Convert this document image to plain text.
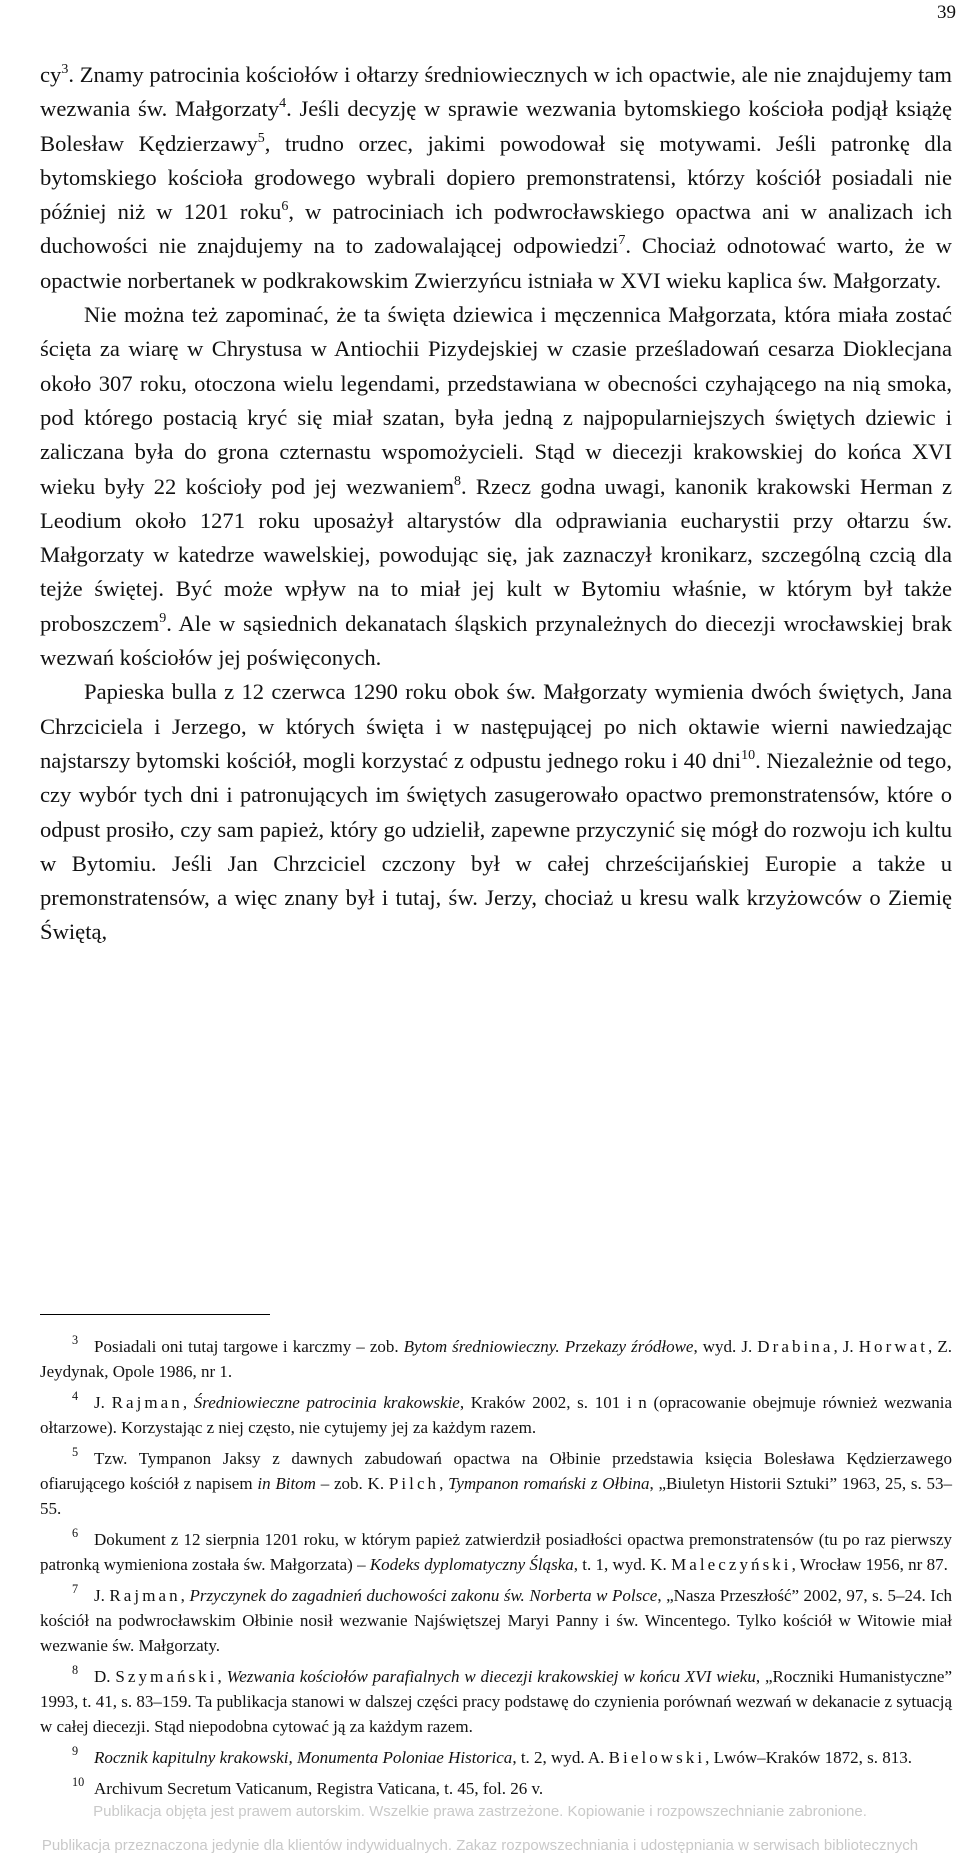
39

$cy^3$. Znamy patrocinia kościołów i ołtarzy średniowiecznych w ich opactwie, ale nie znajdujemy tam wezwania św. Małgorzaty$^4$. Jeśli decyzję w sprawie wezwania bytomskiego kościoła podjął książę Bolesław Kędzierzawy$^5$, trudno orzec, jakimi powodował się motywami. Jeśli patronkę dla bytomskiego kościoła grodowego wybrali dopiero premonstratensi, którzy kościół posiadali nie później niż w 1201 roku$^6$, w patrociniach ich podwrocławskiego opactwa ani w analizach ich duchowości nie znajdujemy na to zadowalającej odpowiedzi$^7$. Chociaż odnotować warto, że w opactwie norbertanek w podkrakowskim Zwierzyńcu istniała w XVI wieku kaplica św. Małgorzaty.

Nie można też zapominać, że ta święta dziewica i męczennica Małgorzata, która miała zostać ścięta za wiarę w Chrystusa w Antiochii Pizydejskiej w czasie prześladowań cesarza Dioklecjana około 307 roku, otoczona wielu legendami, przedstawiana w obecności czyhającego na nią smoka, pod którego postacią kryć się miał szatan, była jedną z najpopularniejszych świętych dziewic i zaliczana była do grona czternastu wspomożycieli. Stąd w diecezji krakowskiej do końca XVI wieku były 22 kościoły pod jej wezwaniem$^8$. Rzecz godna uwagi, kanonik krakowski Herman z Leodium około 1271 roku uposażył altarystów dla odprawiania eucharystii przy ołtarzu św. Małgorzaty w katedrze wawelskiej, powodując się, jak zaznaczył kronikarz, szczególną czcią dla tejże świętej. Być może wpływ na to miał jej kult w Bytomiu właśnie, w którym był także proboszczem$^9$. Ale w sąsiednich dekanatach śląskich przynależnych do diecezji wrocławskiej brak wezwań kościołów jej poświęconych.

Papieska bulla z 12 czerwca 1290 roku obok św. Małgorzaty wymienia dwóch świętych, Jana Chrzciciela i Jerzego, w których święta i w następującej po nich oktawie wierni nawiedzając najstarszy bytomski kościół, mogli korzystać z odpustu jednego roku i 40 dni$^{10}$. Niezależnie od tego, czy wybór tych dni i patronujących im świętych zasugerowało opactwo premonstratensów, które o odpust prosiło, czy sam papież, który go udzielił, zapewne przyczynić się mógł do rozwoju ich kultu w Bytomiu. Jeśli Jan Chrzciciel czczony był w całej chrześcijańskiej Europie a także u premonstratensów, a więc znany był i tutaj, św. Jerzy, chociaż u kresu walk krzyżowców o Ziemię Świętą,

$^3$ Posiadali oni tutaj targowe i karczmy – zob. Bytom średniowieczny. Przekazy źródłowe, wyd. J. Drabina, J. Horwat, Z. Jeydynak, Opole 1986, nr 1.

$^4$ J. Rajman, Średniowieczne patrocinia krakowskie, Kraków 2002, s. 101 i n (opracowanie obejmuje również wezwania ołtarzowe). Korzystając z niej często, nie cytujemy jej za każdym razem.

$^5$ Tzw. Tympanon Jaksy z dawnych zabudowań opactwa na Ołbinie przedstawia księcia Bolesława Kędzierzawego ofiarującego kościół z napisem in Bitom – zob. K. Pilch, Tympanon romański z Ołbina, „Biuletyn Historii Sztuki” 1963, 25, s. 53–55.

$^6$ Dokument z 12 sierpnia 1201 roku, w którym papież zatwierdził posiadłości opactwa premonstratensów (tu po raz pierwszy patronką wymieniona została św. Małgorzata) – Kodeks dyplomatyczny Śląska, t. 1, wyd. K. Maleczyński, Wrocław 1956, nr 87.

$^7$ J. Rajman, Przyczynek do zagadnień duchowości zakonu św. Norberta w Polsce, „Nasza Przeszłość” 2002, 97, s. 5–24. Ich kościół na podwrocławskim Ołbinie nosił wezwanie Najświętszej Maryi Panny i św. Wincentego. Tylko kościół w Witowie miał wezwanie św. Małgorzaty.

$^8$ D. Szymański, Wezwania kościołów parafialnych w diecezji krakowskiej w końcu XVI wieku, „Roczniki Humanistyczne” 1993, t. 41, s. 83–159. Ta publikacja stanowi w dalszej części pracy podstawę do czynienia porównań wezwań w dekanacie z sytuacją w całej diecezji. Stąd niepodobna cytować ją za każdym razem.

$^9$ Rocznik kapitulny krakowski, Monumenta Poloniae Historica, t. 2, wyd. A. Bielowski, Lwów–Kraków 1872, s. 813.

$^{10}$ Archivum Secretum Vaticanum, Registra Vaticana, t. 45, fol. 26 v.

Publikacja objęta jest prawem autorskim. Wszelkie prawa zastrzeżone. Kopiowanie i rozpowszechnianie zabronione.
Publikacja przeznaczona jedynie dla klientów indywidualnych. Zakaz rozpowszechniania i udostępniania w serwisach bibliotecznych
